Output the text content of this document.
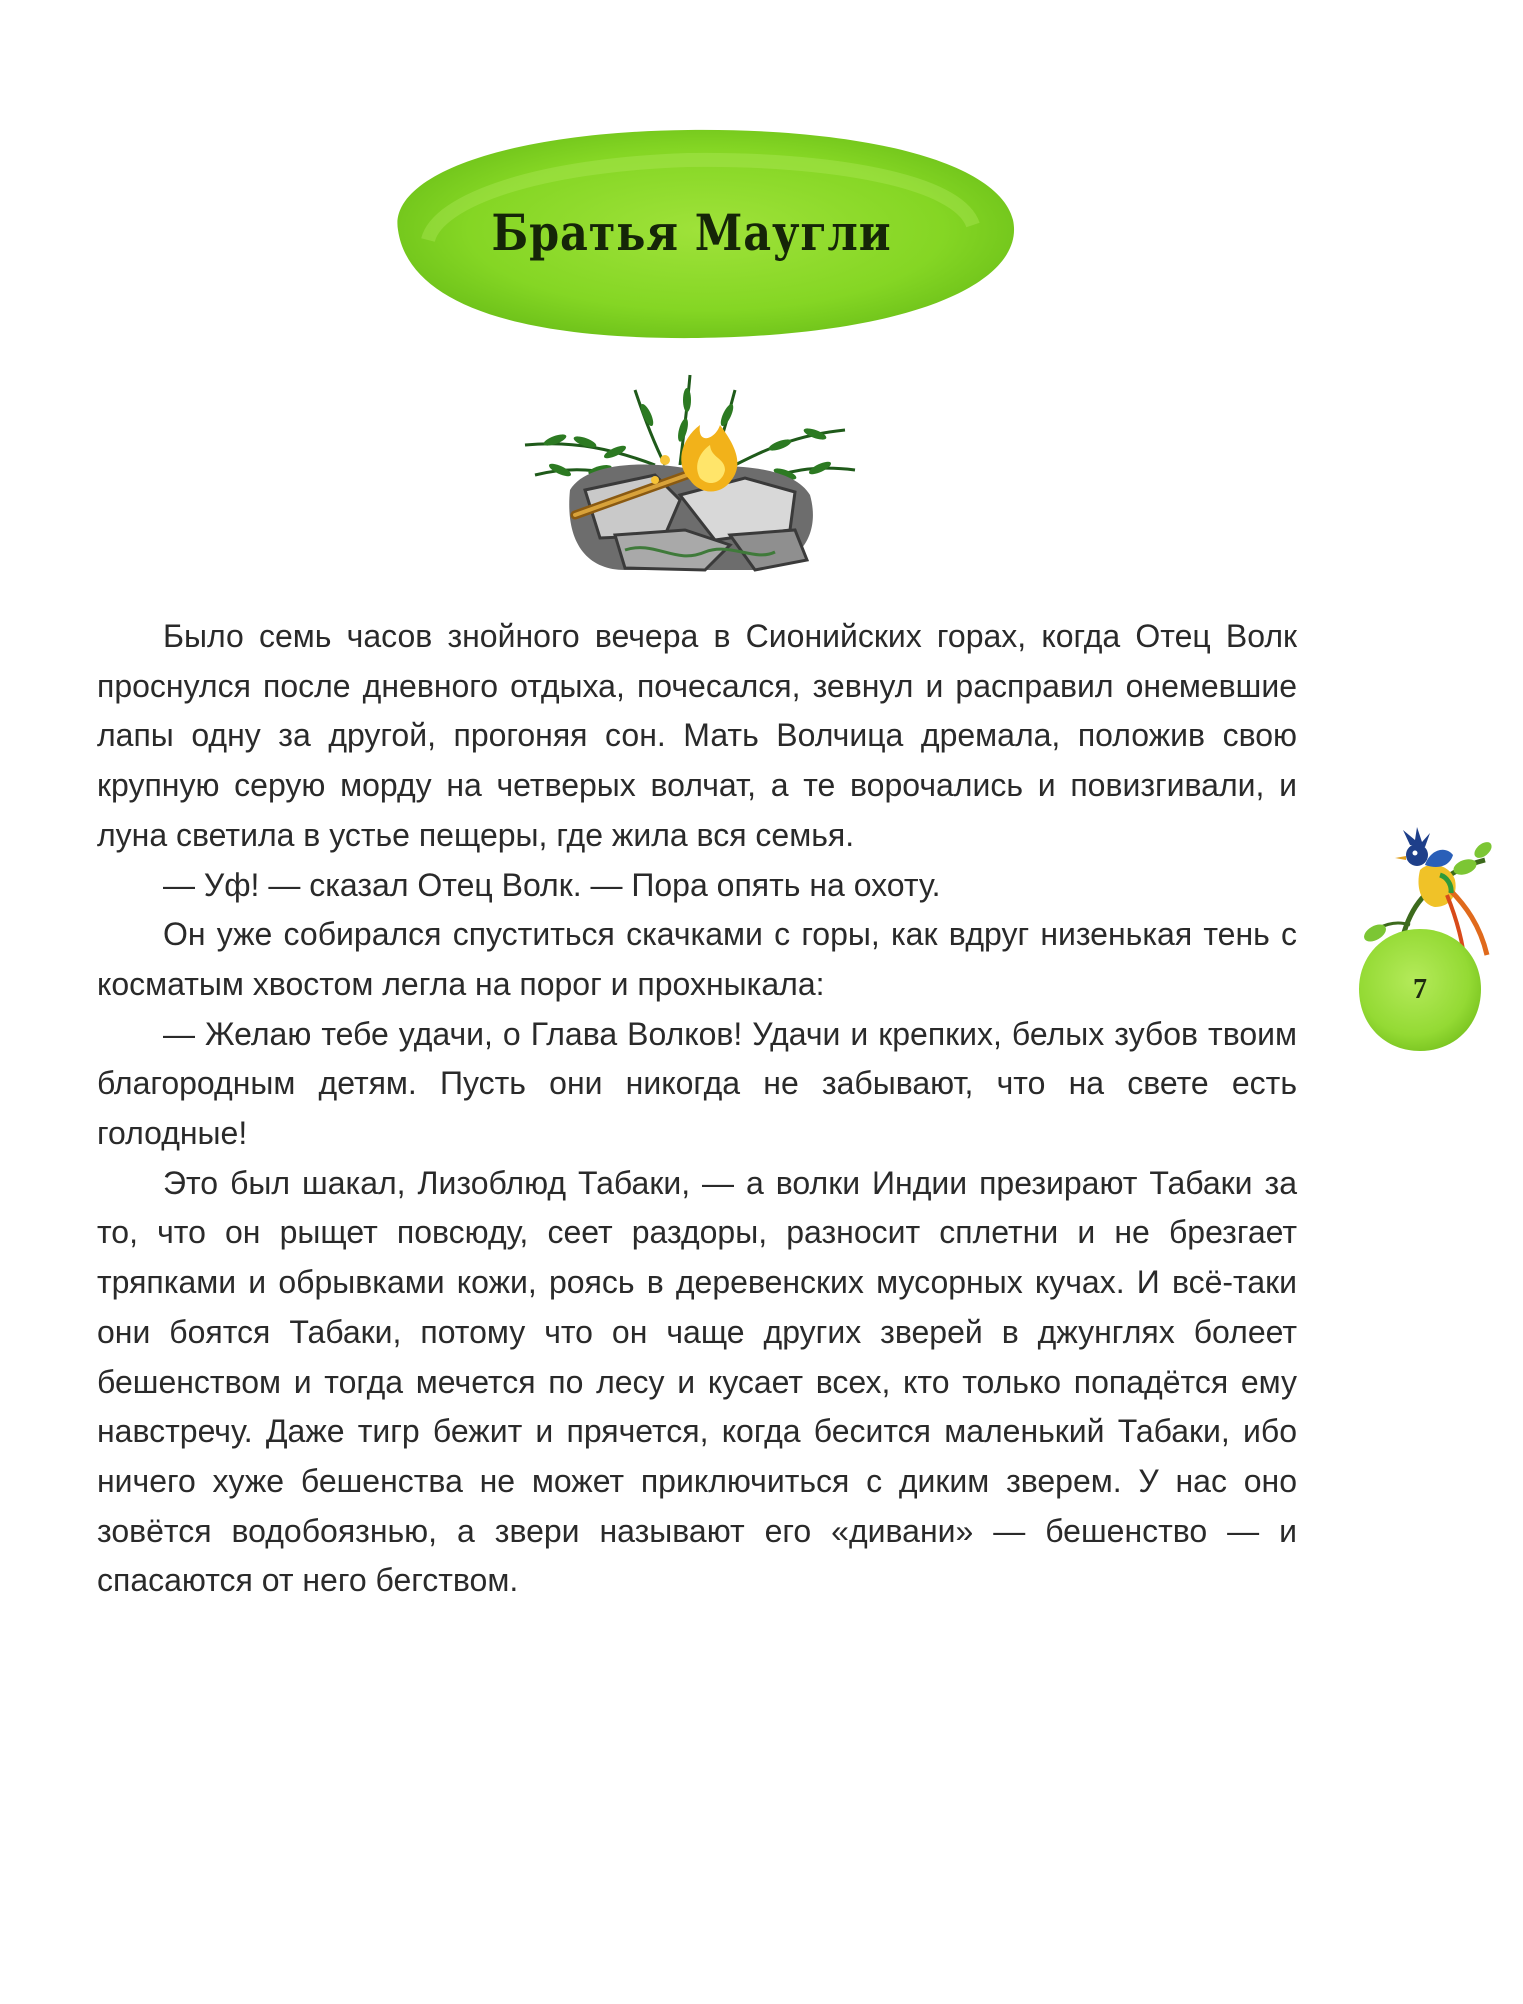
Братья Маугли
7

Было семь часов знойного вечера в Сионийских горах, когда Отец Волк проснулся после дневного отдыха, почесался, зевнул и расправил онемевшие лапы одну за другой, прогоняя сон. Мать Волчица дремала, положив свою крупную серую морду на четверых волчат, а те ворочались и повизгивали, и луна светила в устье пещеры, где жила вся семья.

— Уф! — сказал Отец Волк. — Пора опять на охоту.

Он уже собирался спуститься скачками с горы, как вдруг низенькая тень с косматым хвостом легла на порог и прохныкала:

— Желаю тебе удачи, о Глава Волков! Удачи и крепких, белых зубов твоим благородным детям. Пусть они никогда не забывают, что на свете есть голодные!

Это был шакал, Лизоблюд Табаки, — а волки Индии презирают Табаки за то, что он рыщет повсюду, сеет раздоры, разносит сплетни и не брезгает тряпками и обрывками кожи, роясь в деревенских мусорных кучах. И всё-таки они боятся Табаки, потому что он чаще других зверей в джунглях болеет бешенством и тогда мечется по лесу и кусает всех, кто только попадётся ему навстречу. Даже тигр бежит и прячется, когда бесится маленький Табаки, ибо ничего хуже бешенства не может приключиться с диким зверем. У нас оно зовётся водобоязнью, а звери называют его «дивани» — бешенство — и спасаются от него бегством.
